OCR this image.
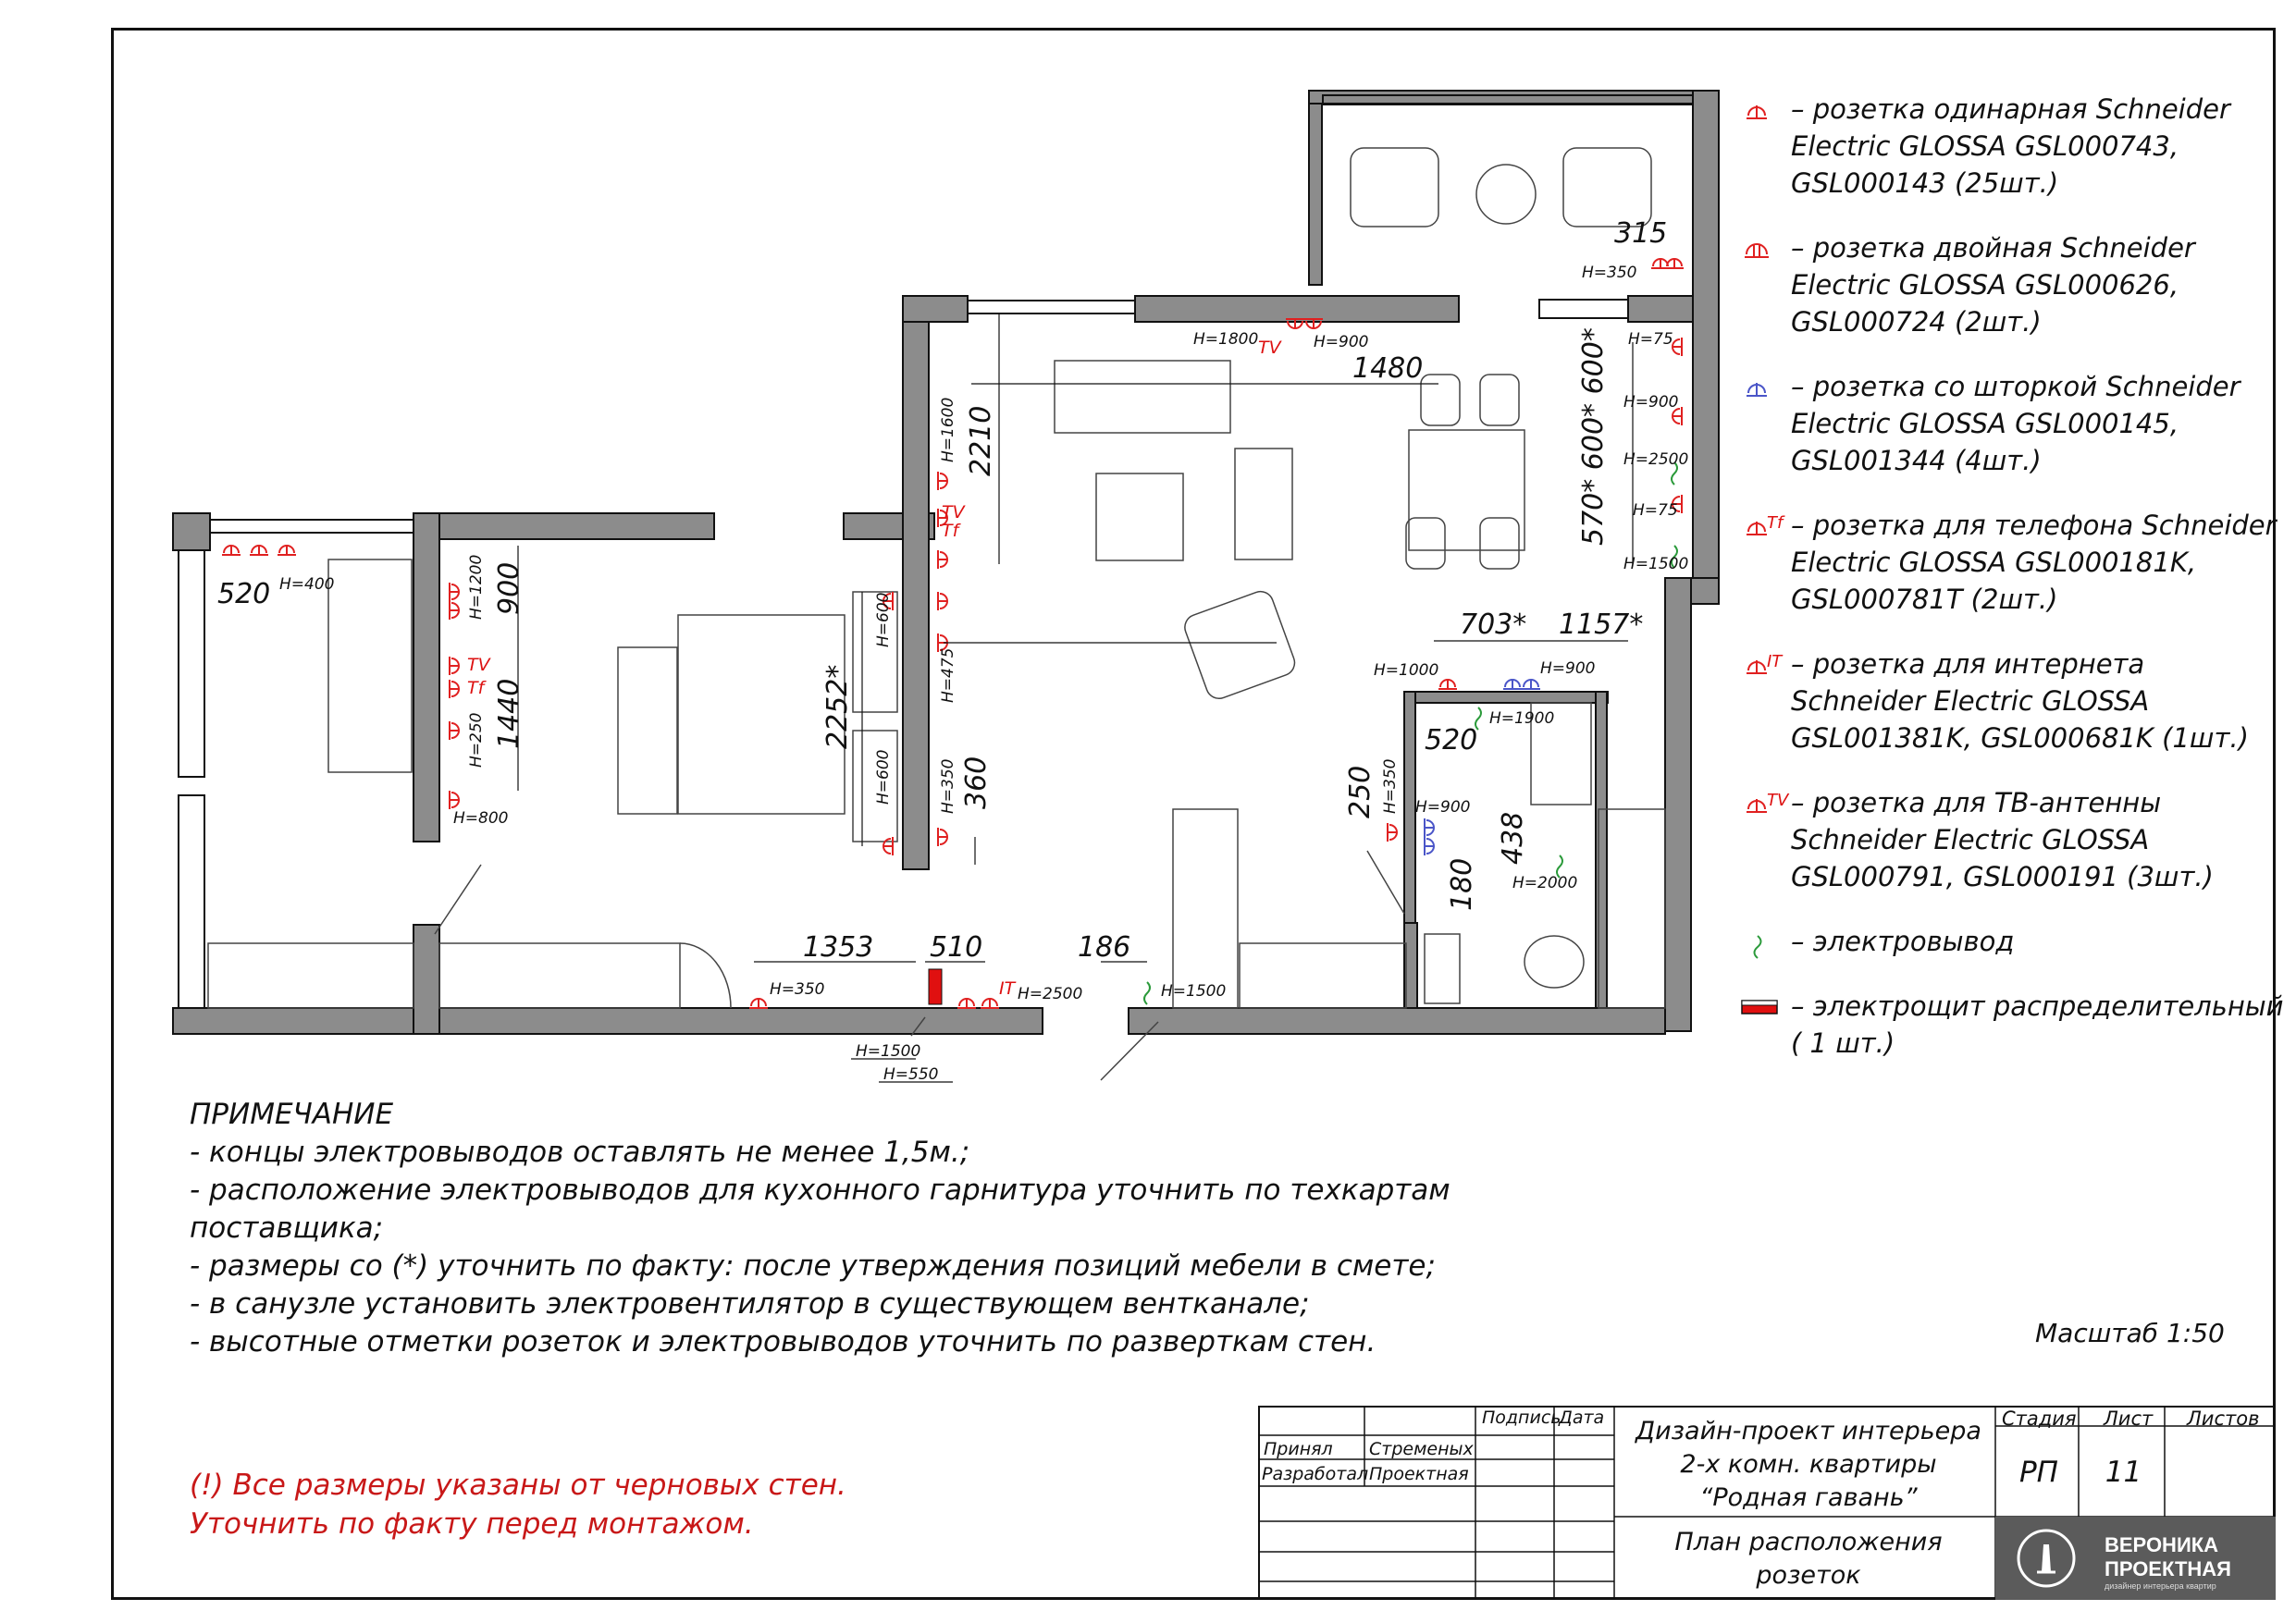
315
1480
2210
520	900
1440	2252*
360
703* 1157*
520
250
438
180
1353 510	186
570* 600* 600*
H=350
H=1800	H=900	H=75
H=900
H=2500
H=75
H=1500
H=400	H=1200
H=250
H=800
H=1600
H=600
H=475
H=600	H=350
H=1000	H=900
H=1900
H=350 H=900
H=2000
H=350	H=2500	H=1500
H=1500
H=550
TV
TV
Tf
TV
Tf
IT
– розетка одинарная Schneider Electric GLOSSA GSL000743, GSL000143 (25шт.)
– розетка двойная Schneider Electric GLOSSA GSL000626, GSL000724 (2шт.)
– розетка со шторкой Schneider Electric GLOSSA GSL000145, GSL001344 (4шт.)
Tf – розетка для телефона Schneider Electric GLOSSA GSL000181K, GSL000781T (2шт.)
IT – розетка для интернета Schneider Electric GLOSSA GSL001381K, GSL000681K (1шт.)
TV – розетка для ТВ-антенны Schneider Electric GLOSSA GSL000791, GSL000191 (3шт.)
– электровывод
– электрощит распределительный ( 1 шт.)
ПРИМЕЧАНИЕ
- концы электровыводов оставлять не менее 1,5м.;
- расположение электровыводов для кухонного гарнитура уточнить по техкартам поставщика;
- размеры со (*) уточнить по факту: после утверждения позиций мебели в смете;
- в санузле установить электровентилятор в существующем вентканале;
- высотные отметки розеток и электровыводов уточнить по разверткам стен.
(!) Все размеры указаны от черновых стен.
Уточнить по факту перед монтажом.
Масштаб 1:50
Подпись
Дата
Принял Стременых
Разработал Проектная
Дизайн-проект интерьера
2-х комн. квартиры
“Родная гавань”
План расположения
розеток
Стадия Лист Листов
РП	11
ВЕРОНИКА
ПРОЕКТНАЯ
дизайнер интерьера квартир
